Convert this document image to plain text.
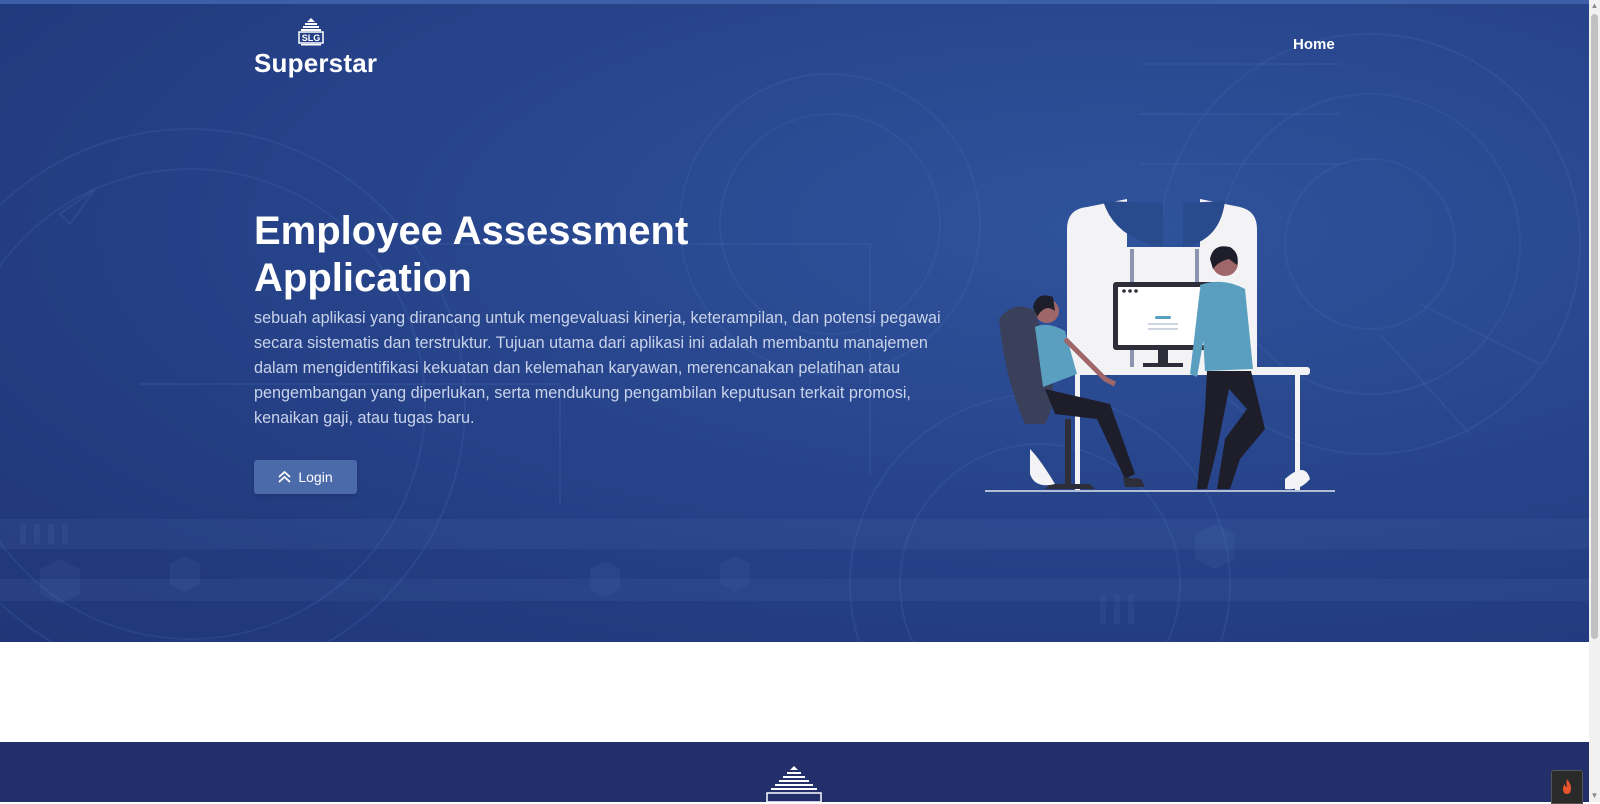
SLG
Superstar
Home
Employee Assessment Application

sebuah aplikasi yang dirancang untuk mengevaluasi kinerja, keterampilan, dan potensi pegawai secara sistematis dan terstruktur. Tujuan utama dari aplikasi ini adalah membantu manajemen dalam mengidentifikasi kekuatan dan kelemahan karyawan, merencanakan pelatihan atau pengembangan yang diperlukan, serta mendukung pengambilan keputusan terkait promosi, kenaikan gaji, atau tugas baru.

Login
▲
▼
